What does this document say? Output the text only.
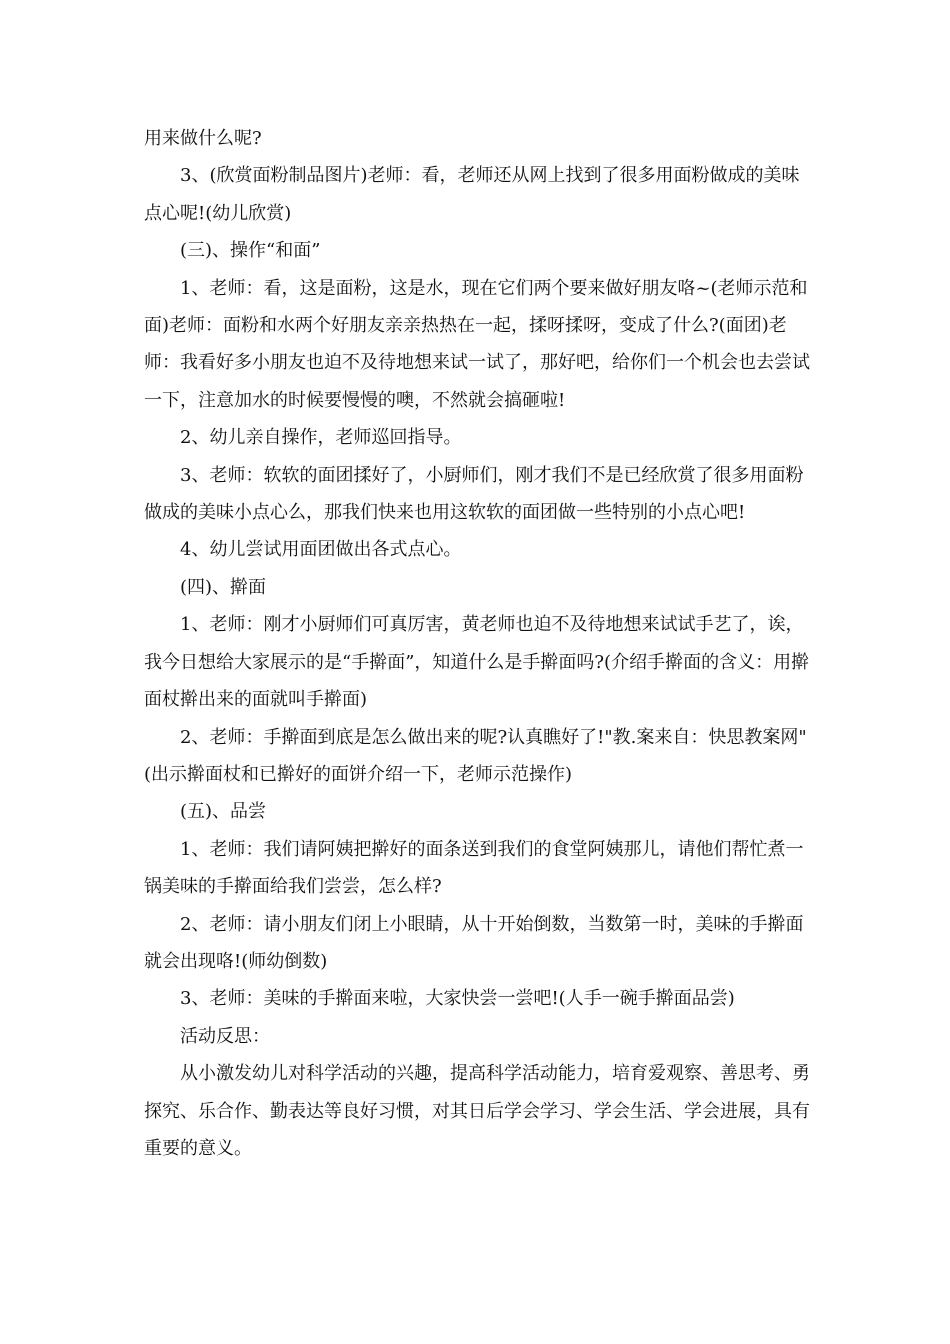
用来做什么呢?

3、(欣赏面粉制品图片)老师：看，老师还从网上找到了很多用面粉做成的美味点心呢!(幼儿欣赏)

(三)、操作“和面”

1、老师：看，这是面粉，这是水，现在它们两个要来做好朋友咯~(老师示范和面)老师：面粉和水两个好朋友亲亲热热在一起，揉呀揉呀，变成了什么?(面团)老师：我看好多小朋友也迫不及待地想来试一试了，那好吧，给你们一个机会也去尝试一下，注意加水的时候要慢慢的噢，不然就会搞砸啦!

2、幼儿亲自操作，老师巡回指导。

3、老师：软软的面团揉好了，小厨师们，刚才我们不是已经欣赏了很多用面粉做成的美味小点心么，那我们快来也用这软软的面团做一些特别的小点心吧!

4、幼儿尝试用面团做出各式点心。

(四)、擀面

1、老师：刚才小厨师们可真厉害，黄老师也迫不及待地想来试试手艺了，诶，我今日想给大家展示的是“手擀面”，知道什么是手擀面吗?(介绍手擀面的含义：用擀面杖擀出来的面就叫手擀面)

2、老师：手擀面到底是怎么做出来的呢?认真瞧好了!"教.案来自：快思教案网"(出示擀面杖和已擀好的面饼介绍一下，老师示范操作)

(五)、品尝

1、老师：我们请阿姨把擀好的面条送到我们的食堂阿姨那儿，请他们帮忙煮一锅美味的手擀面给我们尝尝，怎么样?

2、老师：请小朋友们闭上小眼睛，从十开始倒数，当数第一时，美味的手擀面就会出现咯!(师幼倒数)

3、老师：美味的手擀面来啦，大家快尝一尝吧!(人手一碗手擀面品尝)

活动反思：

从小激发幼儿对科学活动的兴趣，提高科学活动能力，培育爱观察、善思考、勇探究、乐合作、勤表达等良好习惯，对其日后学会学习、学会生活、学会进展，具有重要的意义。
